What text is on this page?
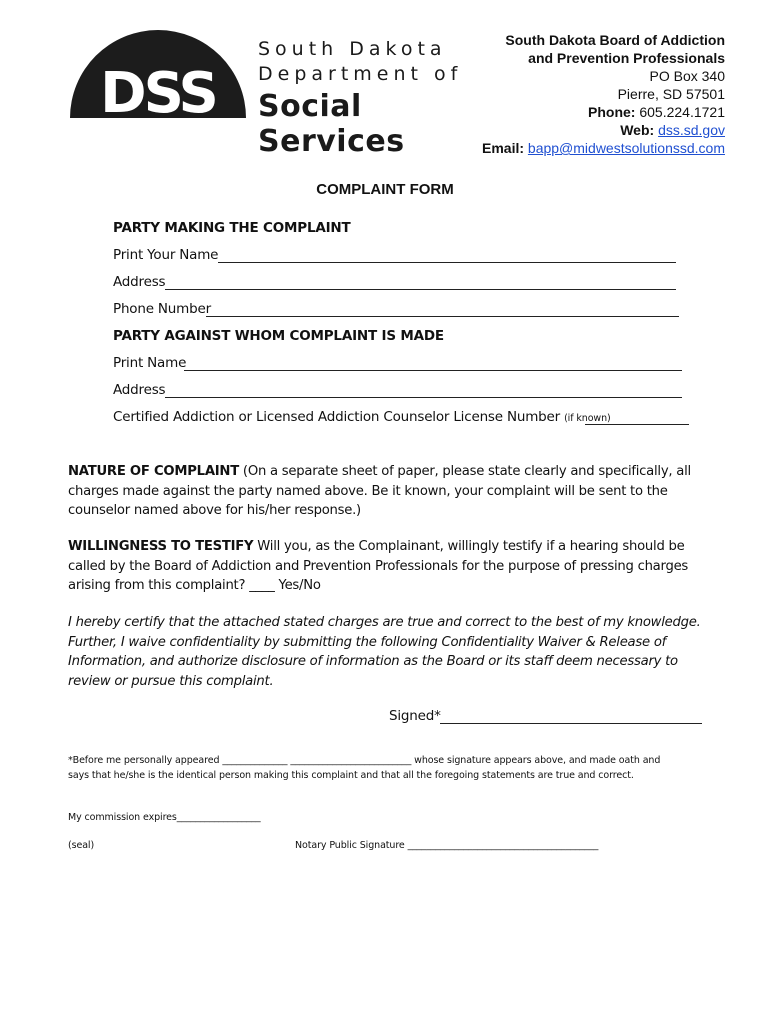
DSS
South Dakota
Department of
Social Services
South Dakota Board of Addiction
and Prevention Professionals
PO Box 340
Pierre, SD 57501
Phone: 605.224.1721
Web: dss.sd.gov
Email: bapp@midwestsolutionssd.com
COMPLAINT FORM
PARTY MAKING THE COMPLAINT
Print Your Name
Address
Phone Number
PARTY AGAINST WHOM COMPLAINT IS MADE
Print Name
Address
Certified Addiction or Licensed Addiction Counselor License Number (if known)
NATURE OF COMPLAINT (On a separate sheet of paper, please state clearly and specifically, all charges made against the party named above. Be it known, your complaint will be sent to the counselor named above for his/her response.)
WILLINGNESS TO TESTIFY Will you, as the Complainant, willingly testify if a hearing should be called by the Board of Addiction and Prevention Professionals for the purpose of pressing charges arising from this complaint? ____ Yes/No
I hereby certify that the attached stated charges are true and correct to the best of my knowledge. Further, I waive confidentiality by submitting the following Confidentiality Waiver & Release of Information, and authorize disclosure of information as the Board or its staff deem necessary to review or pursue this complaint.
Signed*
*Before me personally appeared ______________ __________________________ whose signature appears above, and made oath and
says that he/she is the identical person making this complaint and that all the foregoing statements are true and correct.
My commission expires__________________
(seal)	Notary Public Signature _________________________________________
